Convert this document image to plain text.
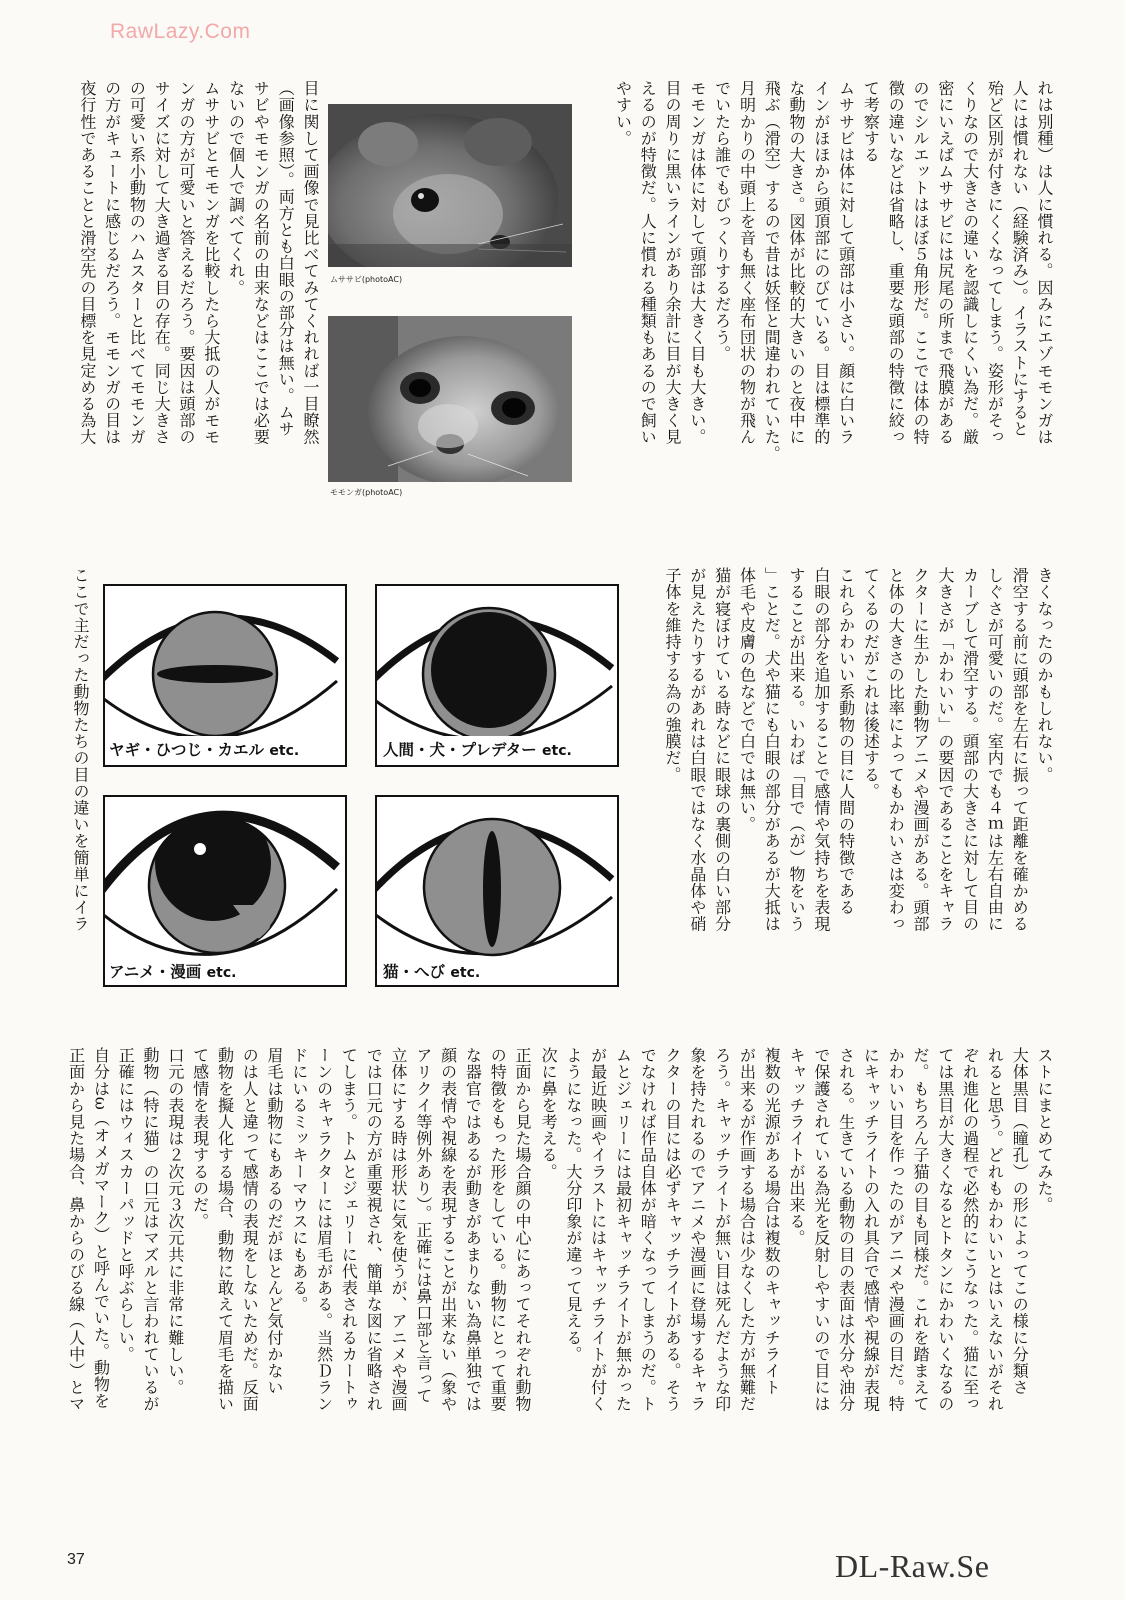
RawLazy.Com
れは別種）は人に慣れる。因みにエゾモモンガは
人には慣れない（経験済み）。イラストにすると
殆ど区別が付きにくくなってしまう。姿形がそっ
くりなので大きさの違いを認識しにくい為だ。厳
密にいえばムササビには尻尾の所まで飛膜がある
のでシルエットはほぼ５角形だ。ここでは体の特
徴の違いなどは省略し、重要な頭部の特徴に絞っ
て考察する
ムササビは体に対して頭部は小さい。顔に白いラ
インがほほから頭頂部にのびている。目は標準的
な動物の大きさ。図体が比較的大きいのと夜中に
飛ぶ（滑空）するので昔は妖怪と間違われていた。
月明かりの中頭上を音も無く座布団状の物が飛ん
でいたら誰でもびっくりするだろう。
モモンガは体に対して頭部は大きく目も大きい。
目の周りに黒いラインがあり余計に目が大きく見
えるのが特徴だ。人に慣れる種類もあるので飼い
やすい。
ムササビ(photoAC)
モモンガ(photoAC)
目に関して画像で見比べてみてくれれば一目瞭然
（画像参照）。両方とも白眼の部分は無い。ムサ
サビやモモンガの名前の由来などはここでは必要
ないので個人で調べてくれ。
ムササビとモモンガを比較したら大抵の人がモモ
ンガの方が可愛いと答えるだろう。要因は頭部の
サイズに対して大き過ぎる目の存在。同じ大きさ
の可愛い系小動物のハムスターと比べてモモンガ
の方がキュートに感じるだろう。モモンガの目は
夜行性であることと滑空先の目標を見定める為大
きくなったのかもしれない。
滑空する前に頭部を左右に振って距離を確かめる
しぐさが可愛いのだ。室内でも４ｍは左右自由に
カーブして滑空する。頭部の大きさに対して目の
大きさが「かわいい」の要因であることをキャラ
クターに生かした動物アニメや漫画がある。頭部
と体の大きさの比率によってもかわいさは変わっ
てくるのだがこれは後述する。
これらかわいい系動物の目に人間の特徴である
白眼の部分を追加することで感情や気持ちを表現
することが出来る。いわば「目で（が）物をいう
」ことだ。犬や猫にも白眼の部分があるが大抵は
体毛や皮膚の色などで白では無い。
猫が寝ぼけている時などに眼球の裏側の白い部分
が見えたりするがあれは白眼ではなく水晶体や硝
子体を維持する為の強膜だ。
ヤギ・ひつじ・カエル etc.	人間・犬・プレデター etc.
アニメ・漫画 etc.	猫・へび etc.
ここで主だった動物たちの目の違いを簡単にイラ
ストにまとめてみた。
大体黒目（瞳孔）の形によってこの様に分類さ
れると思う。どれもかわいいとはいえないがそれ
ぞれ進化の過程で必然的にこうなった。猫に至っ
ては黒目が大きくなるとトタンにかわいくなるの
だ。もちろん子猫の目も同様だ。これを踏まえて
かわいい目を作ったのがアニメや漫画の目だ。特
にキャッチライトの入れ具合で感情や視線が表現
される。生きている動物の目の表面は水分や油分
で保護されている為光を反射しやすいので目には
キャッチライトが出来る。
複数の光源がある場合は複数のキャッチライト
が出来るが作画する場合は少なくした方が無難だ
ろう。キャッチライトが無い目は死んだような印
象を持たれるのでアニメや漫画に登場するキャラ
クターの目には必ずキャッチライトがある。そう
でなければ作品自体が暗くなってしまうのだ。ト
ムとジェリーには最初キャッチライトが無かった
が最近映画やイラストにはキャッチライトが付く
ようになった。大分印象が違って見える。
次に鼻を考える。
正面から見た場合顔の中心にあってそれぞれ動物
の特徴をもった形をしている。動物にとって重要
な器官ではあるが動きがあまりない為鼻単独では
顔の表情や視線を表現することが出来ない（象や
アリクイ等例外あり）。正確には鼻口部と言って
立体にする時は形状に気を使うが、アニメや漫画
では口元の方が重要視され、簡単な図に省略され
てしまう。トムとジェリーに代表されるカートゥ
ーンのキャラクターには眉毛がある。当然Ｄラン
ドにいるミッキーマウスにもある。
眉毛は動物にもあるのだがほとんど気付かない
のは人と違って感情の表現をしないためだ。反面
動物を擬人化する場合、動物に敢えて眉毛を描い
て感情を表現するのだ。
口元の表現は２次元３次元共に非常に難しい。
動物（特に猫）の口元はマズルと言われているが
正確にはウィスカーパッドと呼ぶらしい。
自分はω（オメガマーク）と呼んでいた。動物を
正面から見た場合、鼻からのびる線（人中）とマ
37	DL-Raw.Se
